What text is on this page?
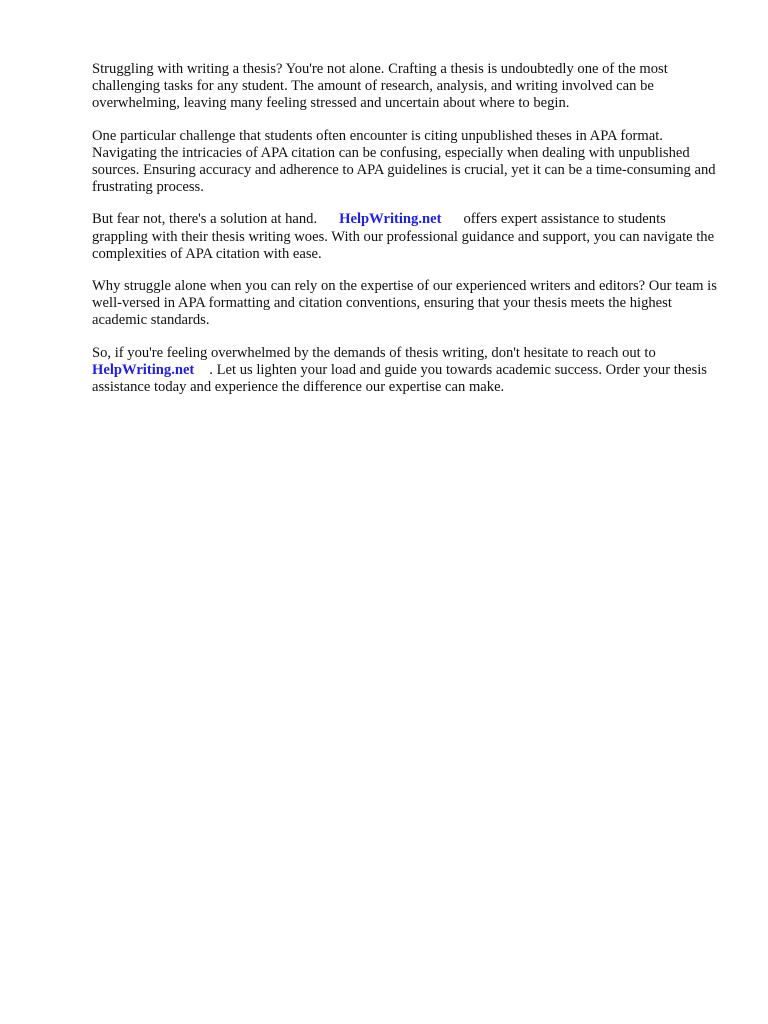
Struggling with writing a thesis? You're not alone. Crafting a thesis is undoubtedly one of the most challenging tasks for any student. The amount of research, analysis, and writing involved can be overwhelming, leaving many feeling stressed and uncertain about where to begin.

One particular challenge that students often encounter is citing unpublished theses in APA format. Navigating the intricacies of APA citation can be confusing, especially when dealing with unpublished sources. Ensuring accuracy and adherence to APA guidelines is crucial, yet it can be a time-consuming and frustrating process.

But fear not, there's a solution at hand. HelpWriting.net offers expert assistance to students grappling with their thesis writing woes. With our professional guidance and support, you can navigate the complexities of APA citation with ease.

Why struggle alone when you can rely on the expertise of our experienced writers and editors? Our team is well-versed in APA formatting and citation conventions, ensuring that your thesis meets the highest academic standards.

So, if you're feeling overwhelmed by the demands of thesis writing, don't hesitate to reach out to HelpWriting.net . Let us lighten your load and guide you towards academic success. Order your thesis assistance today and experience the difference our expertise can make.
